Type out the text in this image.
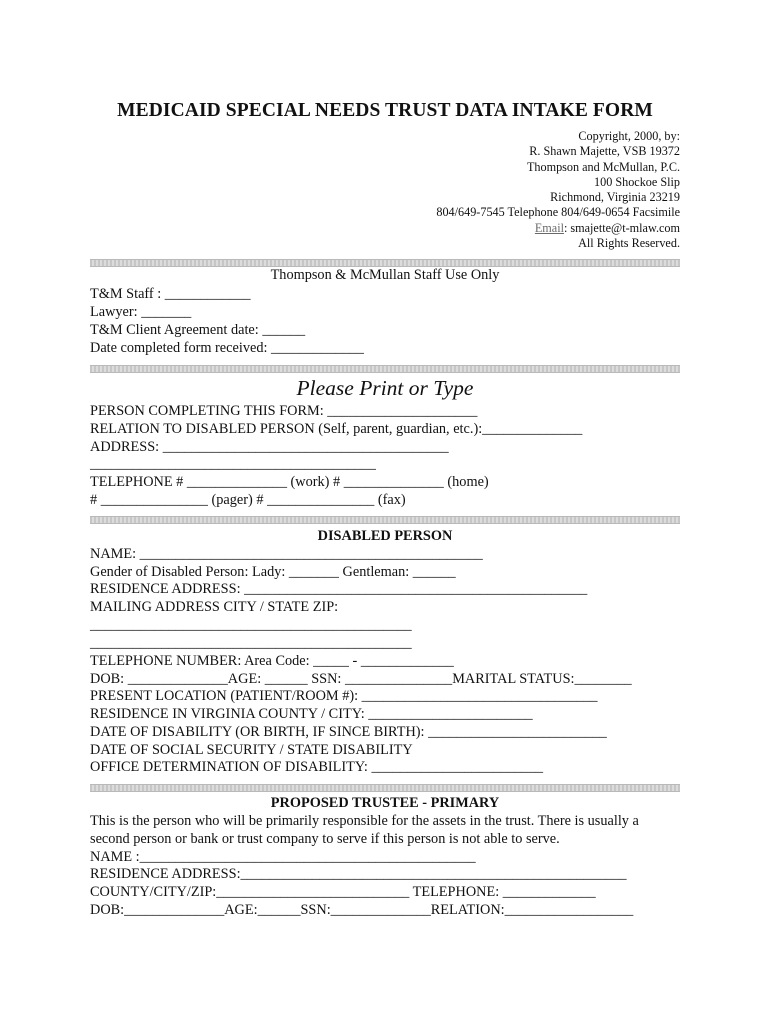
MEDICAID SPECIAL NEEDS TRUST DATA INTAKE FORM
Copyright, 2000, by:
R. Shawn Majette, VSB 19372
Thompson and McMullan, P.C.
100 Shockoe Slip
Richmond, Virginia 23219
804/649-7545 Telephone 804/649-0654 Facsimile
Email: smajette@t-mlaw.com
All Rights Reserved.
Thompson & McMullan Staff Use Only
T&M Staff : ____________
Lawyer: _______
T&M Client Agreement date: ______
Date completed form received: _____________
Please Print or Type
PERSON COMPLETING THIS FORM: _____________________
RELATION TO DISABLED PERSON (Self, parent, guardian, etc.):______________
ADDRESS: ________________________________________
________________________________________
TELEPHONE # ______________ (work) # ______________ (home)
# _______________ (pager) # _______________ (fax)
DISABLED PERSON
NAME: ________________________________________________
Gender of Disabled Person: Lady: _______ Gentleman: ______
RESIDENCE ADDRESS: ________________________________________________
MAILING ADDRESS CITY / STATE ZIP:
_____________________________________________
_____________________________________________
TELEPHONE NUMBER: Area Code: _____ - _____________
DOB: ______________AGE: ______ SSN: _______________MARITAL STATUS:________
PRESENT LOCATION (PATIENT/ROOM #): _________________________________
RESIDENCE IN VIRGINIA COUNTY / CITY: _______________________
DATE OF DISABILITY (OR BIRTH, IF SINCE BIRTH): _________________________
DATE OF SOCIAL SECURITY / STATE DISABILITY
OFFICE DETERMINATION OF DISABILITY: ________________________
PROPOSED TRUSTEE - PRIMARY
This is the person who will be primarily responsible for the assets in the trust. There is usually a
second person or bank or trust company to serve if this person is not able to serve.
NAME :_______________________________________________
RESIDENCE ADDRESS:______________________________________________________
COUNTY/CITY/ZIP:___________________________ TELEPHONE: _____________
DOB:______________AGE:______SSN:______________RELATION:__________________
